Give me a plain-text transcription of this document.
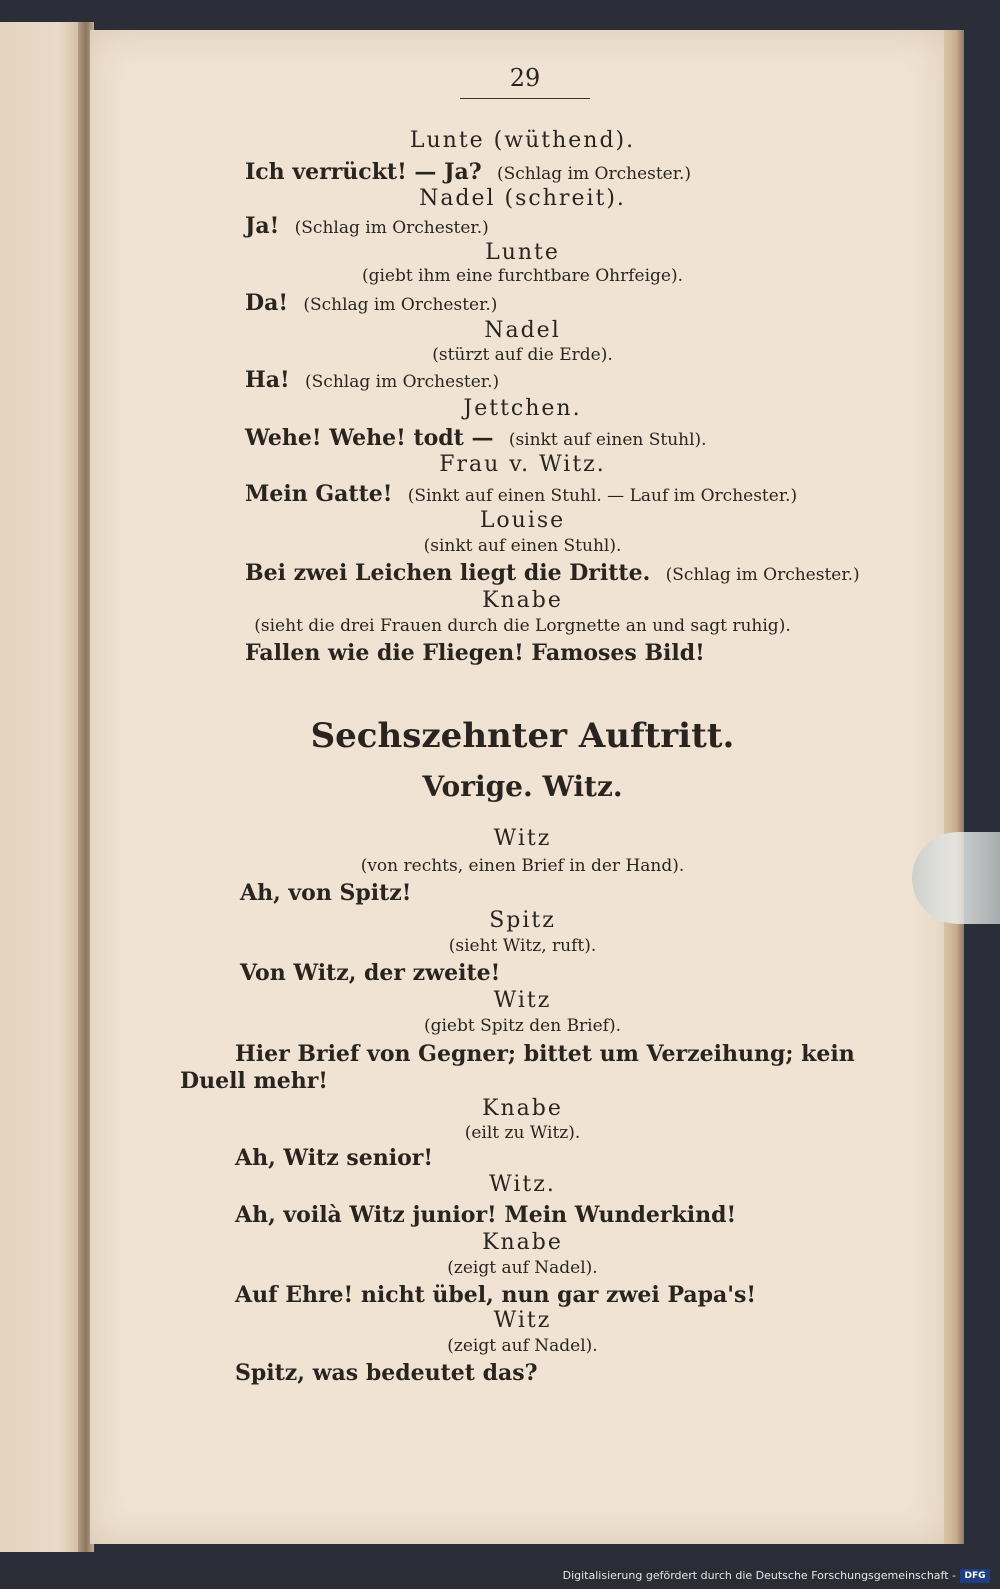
29
Lunte (wüthend).
Ich verrückt! — Ja? (Schlag im Orchester.)
Nadel (schreit).
Ja! (Schlag im Orchester.)
Lunte
(giebt ihm eine furchtbare Ohrfeige).
Da! (Schlag im Orchester.)
Nadel
(stürzt auf die Erde).
Ha! (Schlag im Orchester.)
Jettchen.
Wehe! Wehe! todt — (sinkt auf einen Stuhl).
Frau v. Witz.
Mein Gatte! (Sinkt auf einen Stuhl. — Lauf im Orchester.)
Louise
(sinkt auf einen Stuhl).
Bei zwei Leichen liegt die Dritte. (Schlag im Orchester.)
Knabe
(sieht die drei Frauen durch die Lorgnette an und sagt ruhig).
Fallen wie die Fliegen! Famoses Bild!
Sechszehnter Auftritt.
Vorige. Witz.
Witz
(von rechts, einen Brief in der Hand).
Ah, von Spitz!
Spitz
(sieht Witz, ruft).
Von Witz, der zweite!
Witz
(giebt Spitz den Brief).
Hier Brief von Gegner; bittet um Verzeihung; kein
Duell mehr!
Knabe
(eilt zu Witz).
Ah, Witz senior!
Witz.
Ah, voilà Witz junior! Mein Wunderkind!
Knabe
(zeigt auf Nadel).
Auf Ehre! nicht übel, nun gar zwei Papa's!
Witz
(zeigt auf Nadel).
Spitz, was bedeutet das?
Digitalisierung gefördert durch die Deutsche Forschungsgemeinschaft - DFG
